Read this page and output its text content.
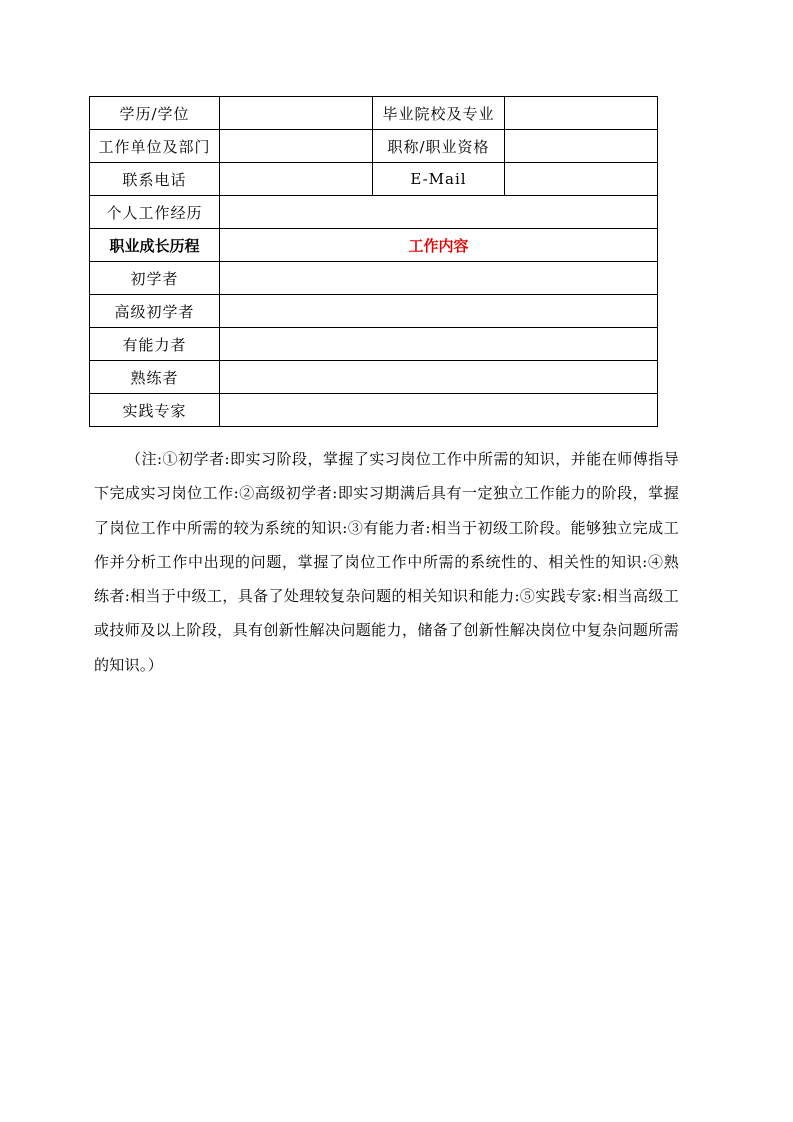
学历/学位		毕业院校及专业	
工作单位及部门		职称/职业资格	
联系电话		E-Mail	
个人工作经历			
职业成长历程	工作内容		
初学者			
高级初学者			
有能力者			
熟练者			
实践专家			

（注:①初学者:即实习阶段，掌握了实习岗位工作中所需的知识，并能在师傅指导下完成实习岗位工作:②高级初学者:即实习期满后具有一定独立工作能力的阶段，掌握了岗位工作中所需的较为系统的知识:③有能力者:相当于初级工阶段。能够独立完成工作并分析工作中出现的问题，掌握了岗位工作中所需的系统性的、相关性的知识:④熟练者:相当于中级工，具备了处理较复杂问题的相关知识和能力:⑤实践专家:相当高级工或技师及以上阶段，具有创新性解决问题能力，储备了创新性解决岗位中复杂问题所需的知识。）
